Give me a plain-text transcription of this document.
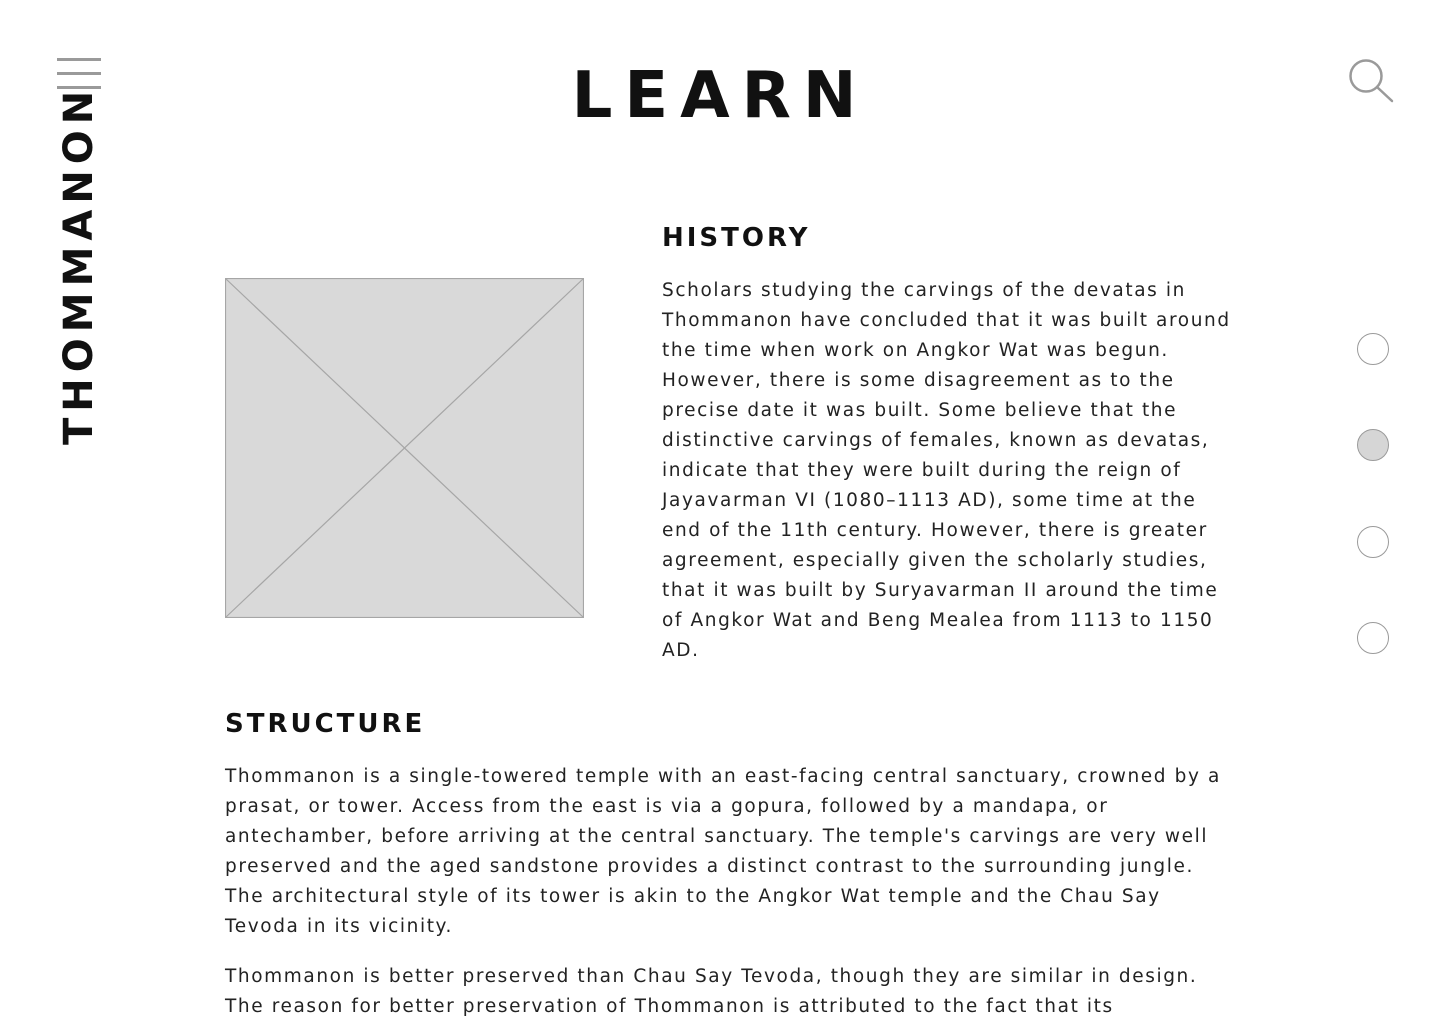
THOMMANON	LEARN
HISTORY

Scholars studying the carvings of the devatas in Thommanon have concluded that it was built around the time when work on Angkor Wat was begun. However, there is some disagreement as to the precise date it was built. Some believe that the distinctive carvings of females, known as devatas, indicate that they were built during the reign of Jayavarman VI (1080–1113 AD), some time at the end of the 11th century. However, there is greater agreement, especially given the scholarly studies, that it was built by Suryavarman II around the time of Angkor Wat and Beng Mealea from 1113 to 1150 AD.

STRUCTURE

Thommanon is a single-towered temple with an east-facing central sanctuary, crowned by a prasat, or tower. Access from the east is via a gopura, followed by a mandapa, or antechamber, before arriving at the central sanctuary. The temple's carvings are very well preserved and the aged sandstone provides a distinct contrast to the surrounding jungle. The architectural style of its tower is akin to the Angkor Wat temple and the Chau Say Tevoda in its vicinity.

Thommanon is better preserved than Chau Say Tevoda, though they are similar in design. The reason for better preservation of Thommanon is attributed to the fact that its
